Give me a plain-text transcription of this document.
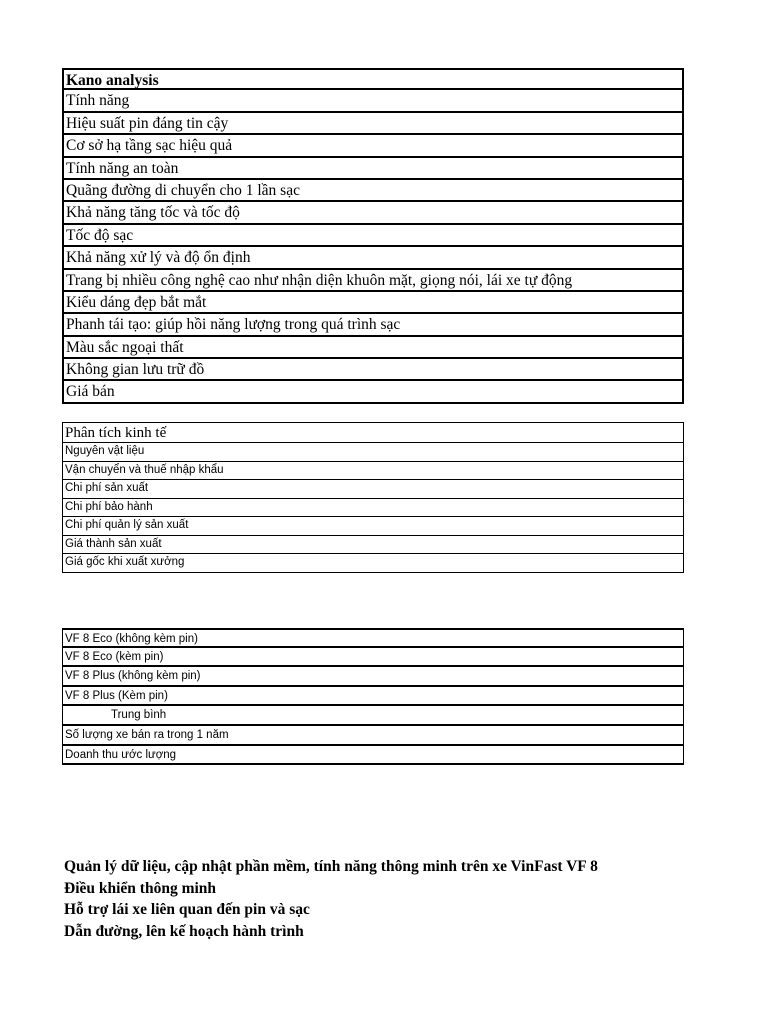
Kano analysis
Tính năng
Hiệu suất pin đáng tin cậy
Cơ sở hạ tầng sạc hiệu quả
Tính năng an toàn
Quãng đường di chuyển cho 1 lần sạc
Khả năng tăng tốc và tốc độ
Tốc độ sạc
Khả năng xử lý và độ ổn định
Trang bị nhiều công nghệ cao như nhận diện khuôn mặt, giọng nói, lái xe tự động
Kiểu dáng đẹp bắt mắt
Phanh tái tạo: giúp hồi năng lượng trong quá trình sạc
Màu sắc ngoại thất
Không gian lưu trữ đồ
Giá bán
Phân tích kinh tế
Nguyên vật liệu
Vận chuyển và thuế nhập khẩu
Chi phí sản xuất
Chi phí bảo hành
Chi phí quản lý sản xuất
Giá thành sản xuất
Giá gốc khi xuất xưởng
VF 8 Eco (không kèm pin)
VF 8 Eco (kèm pin)
VF 8 Plus (không kèm pin)
VF 8 Plus (Kèm pin)
Trung bình
Số lượng xe bán ra trong 1 năm
Doanh thu ước lượng
Quản lý dữ liệu, cập nhật phần mềm, tính năng thông minh trên xe VinFast VF 8
Điều khiển thông minh
Hỗ trợ lái xe liên quan đến pin và sạc
Dẫn đường, lên kế hoạch hành trình
